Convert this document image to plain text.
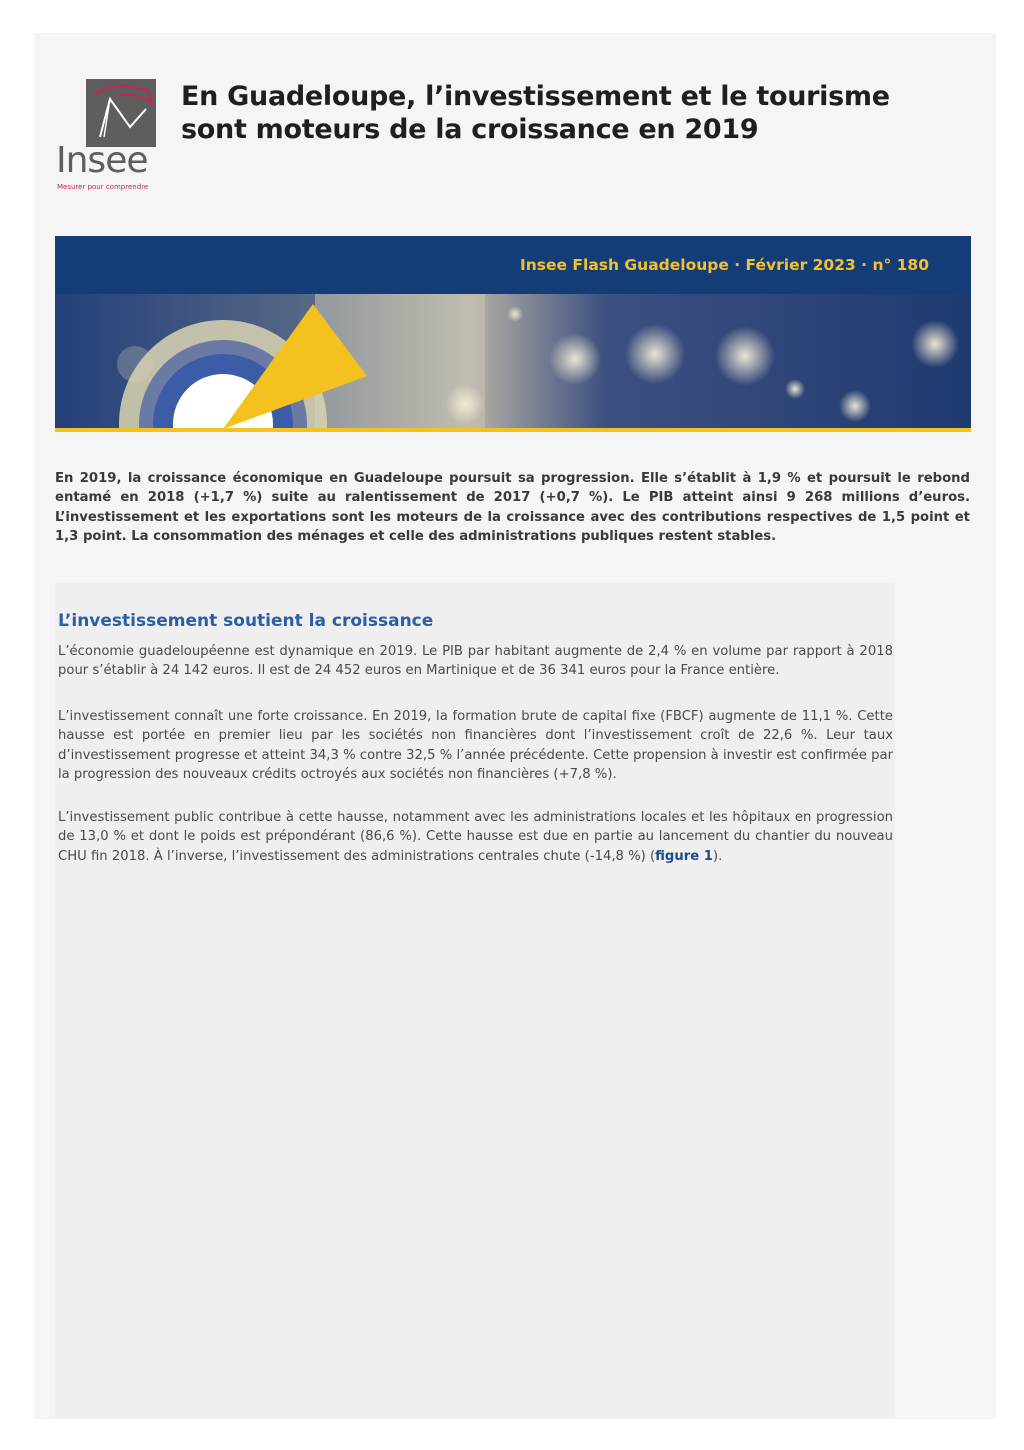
Insee
Mesurer pour comprendre
En Guadeloupe, l’investissement et le tourisme
sont moteurs de la croissance en 2019
Insee Flash Guadeloupe · Février 2023 · n° 180

En 2019, la croissance économique en Guadeloupe poursuit sa progression. Elle s’établit à 1,9 % et poursuit le rebond entamé en 2018 (+1,7 %) suite au ralentissement de 2017 (+0,7 %). Le PIB atteint ainsi 9 268 millions d’euros. L’investissement et les exportations sont les moteurs de la croissance avec des contributions respectives de 1,5 point et 1,3 point. La consommation des ménages et celle des administrations publiques restent stables.

L’investissement soutient la croissance

L’économie guadeloupéenne est dynamique en 2019. Le PIB par habitant augmente de 2,4 % en volume par rapport à 2018 pour s’établir à 24 142 euros. Il est de 24 452 euros en Martinique et de 36 341 euros pour la France entière.

L’investissement connaît une forte croissance. En 2019, la formation brute de capital fixe (FBCF) augmente de 11,1 %. Cette hausse est portée en premier lieu par les sociétés non financières dont l’investissement croît de 22,6 %. Leur taux d’investissement progresse et atteint 34,3 % contre 32,5 % l’année précédente. Cette propension à investir est confirmée par la progression des nouveaux crédits octroyés aux sociétés non financières (+7,8 %).

L’investissement public contribue à cette hausse, notamment avec les administrations locales et les hôpitaux en progression de 13,0 % et dont le poids est prépondérant (86,6 %). Cette hausse est due en partie au lancement du chantier du nouveau CHU fin 2018. À l’inverse, l’investissement des administrations centrales chute (-14,8 %) (figure 1).
